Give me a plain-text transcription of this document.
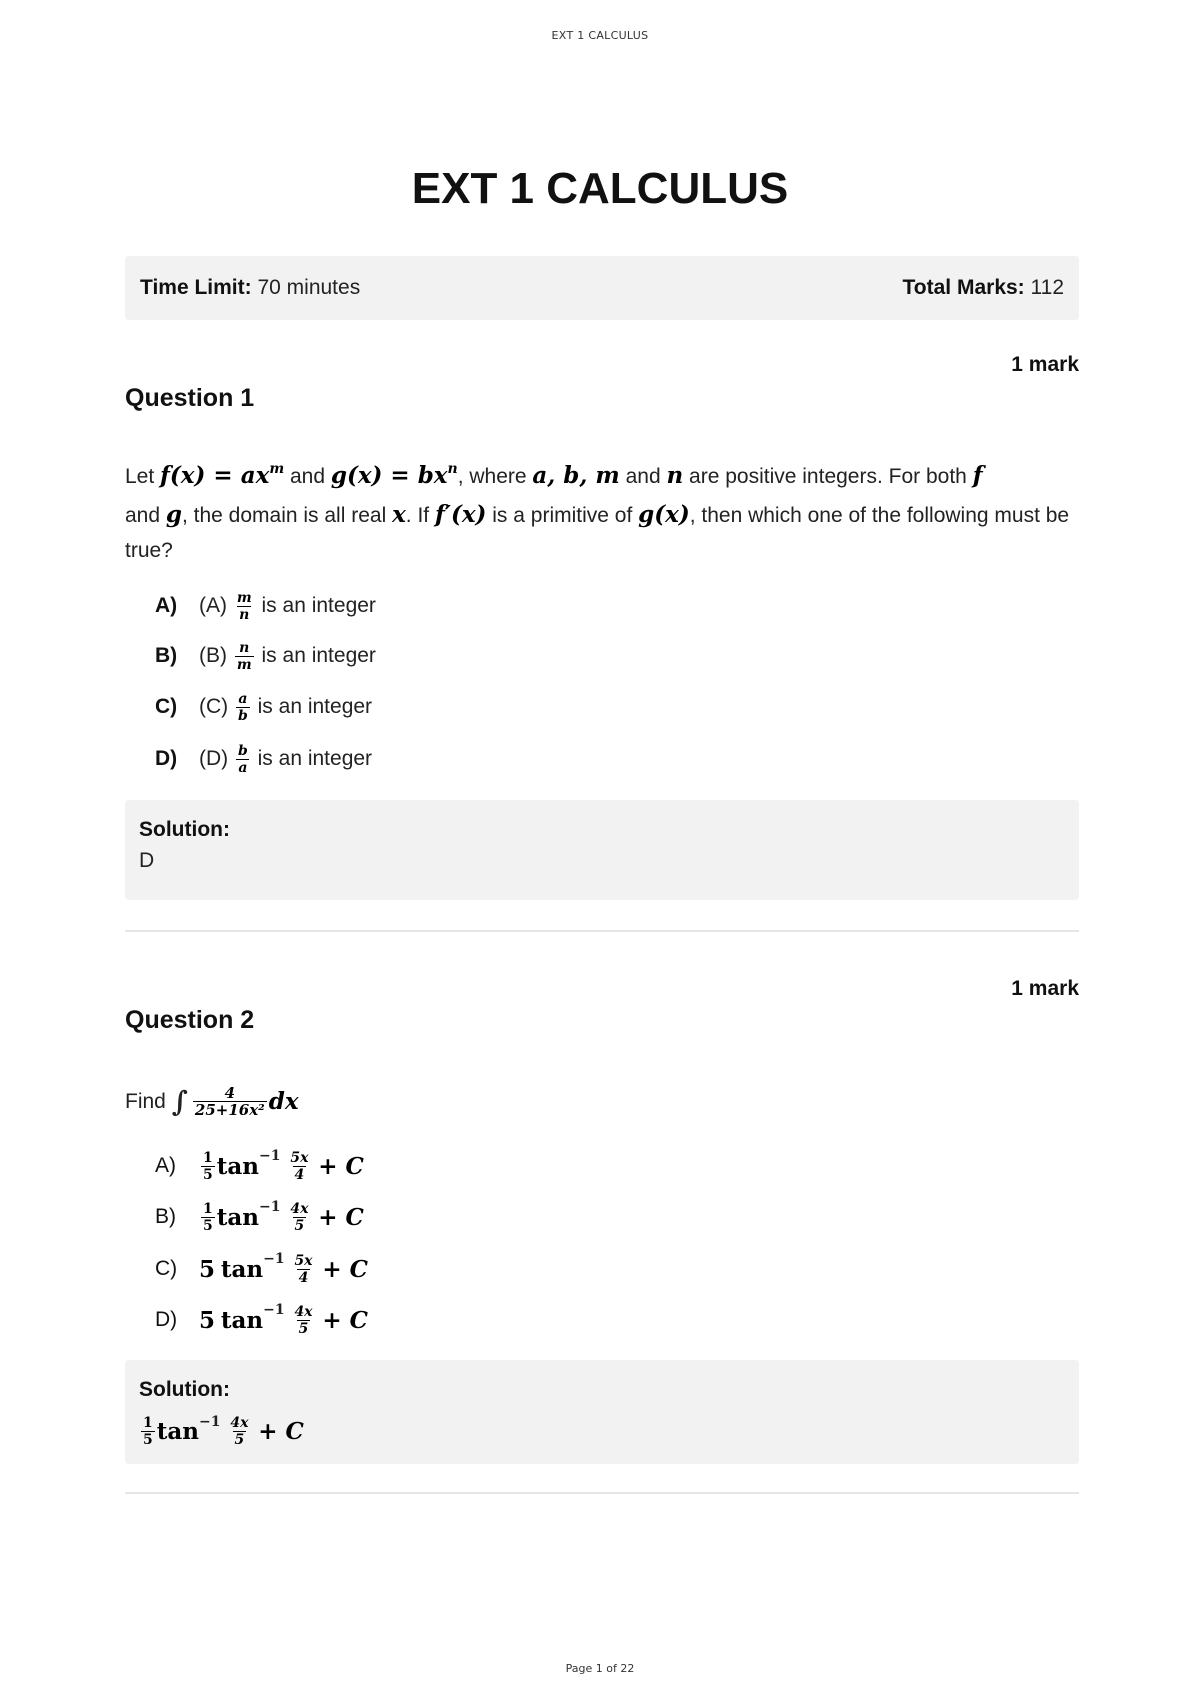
EXT 1 CALCULUS
EXT 1 CALCULUS
Time Limit: 70 minutes	Total Marks: 112
1 mark
Question 1
Let $f(x) = ax^m$ and $g(x) = bx^n$, where a, b, m and n are positive integers. For both f
and g, the domain is all real x. If f′(x) is a primitive of g(x), then which one of the following must be true?
A)	(A)
$\frac{m}{n}$
is an integer
B)	(B)
$\frac{n}{m}$
is an integer
C)	(C)
$\frac{a}{b}$
is an integer
D)	(D)
$\frac{b}{a}$
is an integer
Solution:
D
1 mark
Question 2
Find
∫ $\frac{4}{\text{25+16x²}}$ dx
A)	$\frac{1}{5}$ tan −1
$\frac{5x}{4}$
+ C
B)	$\frac{1}{5}$ tan −1
$\frac{4x}{5}$
+ C
C) 5
tan −1
$\frac{5x}{4}$
+ C
D) 5
tan −1
$\frac{4x}{5}$
+ C
Solution:
$\frac{1}{5}$ tan −1
$\frac{4x}{5}$
+ C
Page 1 of 22
